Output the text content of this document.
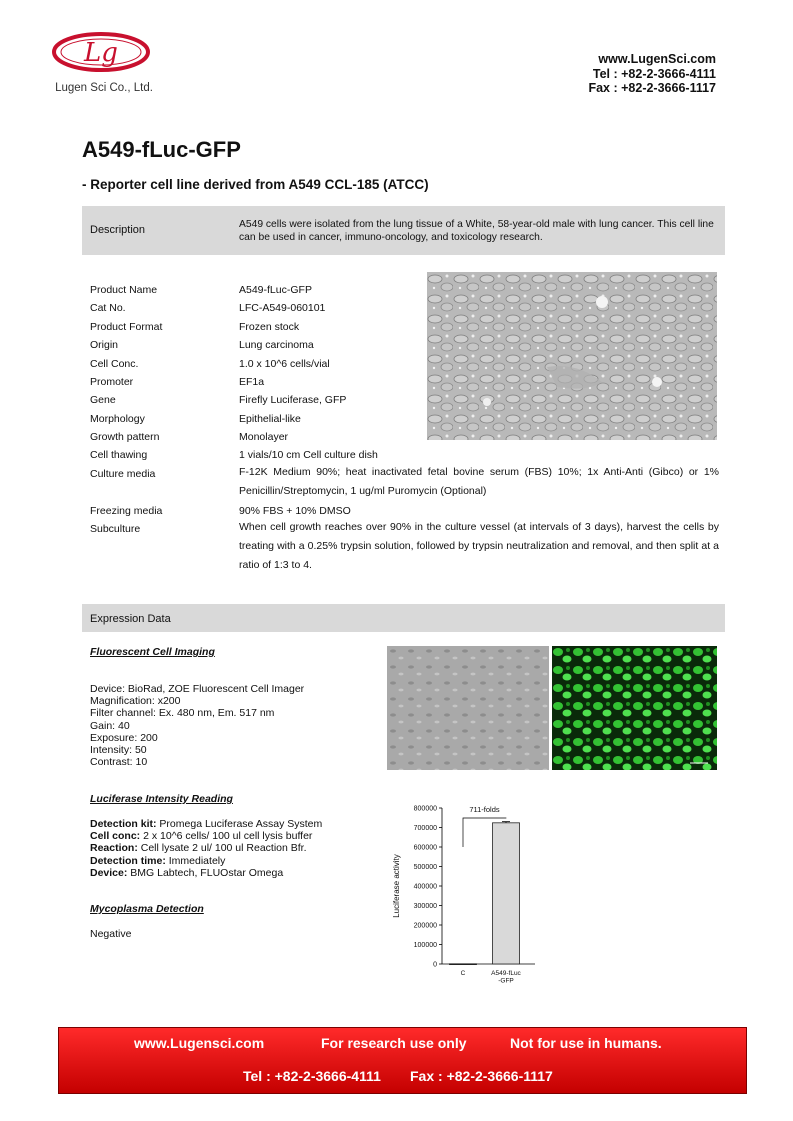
Lg
Lugen Sci Co., Ltd.
www.LugenSci.com
Tel : +82-2-3666-4111
Fax : +82-2-3666-1117
A549-fLuc-GFP
- Reporter cell line derived from A549 CCL-185 (ATCC)
Description	A549 cells were isolated from the lung tissue of a White, 58-year-old male with lung cancer. This cell line can be used in cancer, immuno-oncology, and toxicology research.
Product Name	A549-fLuc-GFP
Cat No.	LFC-A549-060101
Product Format	Frozen stock
Origin	Lung carcinoma
Cell Conc.	1.0 x 10^6 cells/vial
Promoter	EF1a
Gene	Firefly Luciferase, GFP
Morphology	Epithelial-like
Growth pattern	Monolayer
Cell thawing	1 vials/10 cm Cell culture dish
Culture media	F-12K Medium 90%; heat inactivated fetal bovine serum (FBS) 10%; 1x Anti-Anti (Gibco) or 1% Penicillin/Streptomycin, 1 ug/ml Puromycin (Optional)
Freezing media	90% FBS + 10% DMSO
Subculture	When cell growth reaches over 90% in the culture vessel (at intervals of 3 days), harvest the cells by treating with a 0.25% trypsin solution, followed by trypsin neutralization and removal, and then split at a ratio of 1:3 to 4.
Expression Data
Fluorescent Cell Imaging
Device: BioRad, ZOE Fluorescent Cell Imager
Magnification: x200
Filter channel: Ex. 480 nm, Em. 517 nm
Gain: 40
Exposure: 200
Intensity: 50
Contrast: 10
Luciferase Intensity Reading
Detection kit: Promega Luciferase Assay System
Cell conc: 2 x 10^6 cells/ 100 ul cell lysis buffer
Reaction: Cell lysate 2 ul/ 100 ul Reaction Bfr.
Detection time: Immediately
Device: BMG Labtech, FLUOstar Omega
Mycoplasma Detection
Negative
0
100000
200000
300000
400000
500000
600000
700000
800000
C	A549-fLuc
-GFP
711-folds
Luciferase activity
www.Lugensci.com	For research use only	Not for use in humans.
Tel : +82-2-3666-4111 Fax : +82-2-3666-1117
